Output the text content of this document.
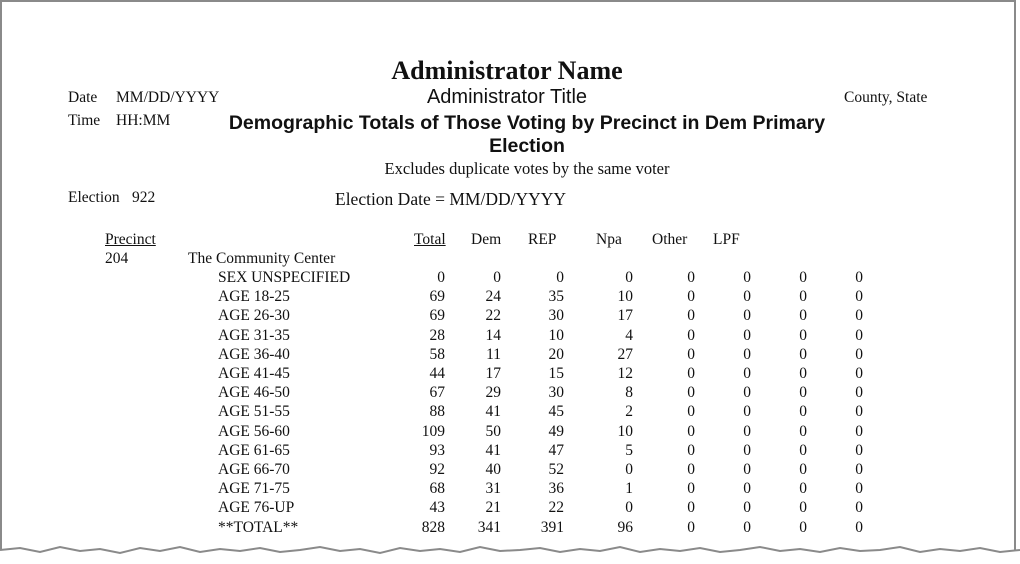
Administrator Name
Administrator Title
Date MM/DD/YYYY
Time HH:MM
County, State
Demographic Totals of Those Voting by Precinct in Dem Primary Election
Excludes duplicate votes by the same voter
Election 922	Election Date = MM/DD/YYYY
Precinct	Total Dem REP	Npa Other LPF
204	The Community Center
SEX UNSPECIFIED	0	0	0	0	0	0	0	0
AGE 18-25	69	24	35	10	0	0	0	0
AGE 26-30	69	22	30	17	0	0	0	0
AGE 31-35	28	14	10	4	0	0	0	0
AGE 36-40	58	11	20	27	0	0	0	0
AGE 41-45	44	17	15	12	0	0	0	0
AGE 46-50	67	29	30	8	0	0	0	0
AGE 51-55	88	41	45	2	0	0	0	0
AGE 56-60	109	50	49	10	0	0	0	0
AGE 61-65	93	41	47	5	0	0	0	0
AGE 66-70	92	40	52	0	0	0	0	0
AGE 71-75	68	31	36	1	0	0	0	0
AGE 76-UP	43	21	22	0	0	0	0	0
**TOTAL**	828	341	391	96	0	0	0	0
